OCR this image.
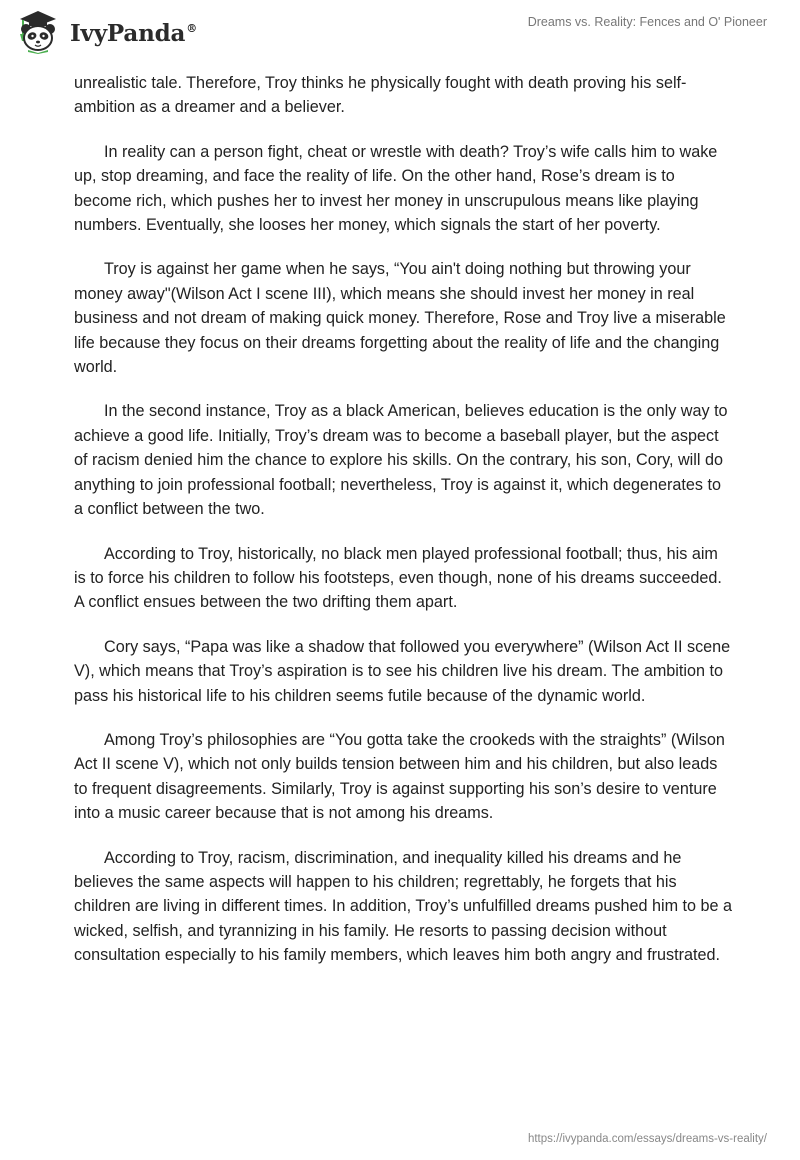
IvyPanda®	Dreams vs. Reality: Fences and O' Pioneer

unrealistic tale. Therefore, Troy thinks he physically fought with death proving his self-ambition as a dreamer and a believer.

In reality can a person fight, cheat or wrestle with death? Troy’s wife calls him to wake up, stop dreaming, and face the reality of life. On the other hand, Rose’s dream is to become rich, which pushes her to invest her money in unscrupulous means like playing numbers. Eventually, she looses her money, which signals the start of her poverty.

Troy is against her game when he says, “You ain't doing nothing but throwing your money away"(Wilson Act I scene III), which means she should invest her money in real business and not dream of making quick money. Therefore, Rose and Troy live a miserable life because they focus on their dreams forgetting about the reality of life and the changing world.

In the second instance, Troy as a black American, believes education is the only way to achieve a good life. Initially, Troy’s dream was to become a baseball player, but the aspect of racism denied him the chance to explore his skills. On the contrary, his son, Cory, will do anything to join professional football; nevertheless, Troy is against it, which degenerates to a conflict between the two.

According to Troy, historically, no black men played professional football; thus, his aim is to force his children to follow his footsteps, even though, none of his dreams succeeded. A conflict ensues between the two drifting them apart.

Cory says, “Papa was like a shadow that followed you everywhere” (Wilson Act II scene V), which means that Troy’s aspiration is to see his children live his dream. The ambition to pass his historical life to his children seems futile because of the dynamic world.

Among Troy’s philosophies are “You gotta take the crookeds with the straights” (Wilson Act II scene V), which not only builds tension between him and his children, but also leads to frequent disagreements. Similarly, Troy is against supporting his son’s desire to venture into a music career because that is not among his dreams.

According to Troy, racism, discrimination, and inequality killed his dreams and he believes the same aspects will happen to his children; regrettably, he forgets that his children are living in different times. In addition, Troy’s unfulfilled dreams pushed him to be a wicked, selfish, and tyrannizing in his family. He resorts to passing decision without consultation especially to his family members, which leaves him both angry and frustrated.

https://ivypanda.com/essays/dreams-vs-reality/
